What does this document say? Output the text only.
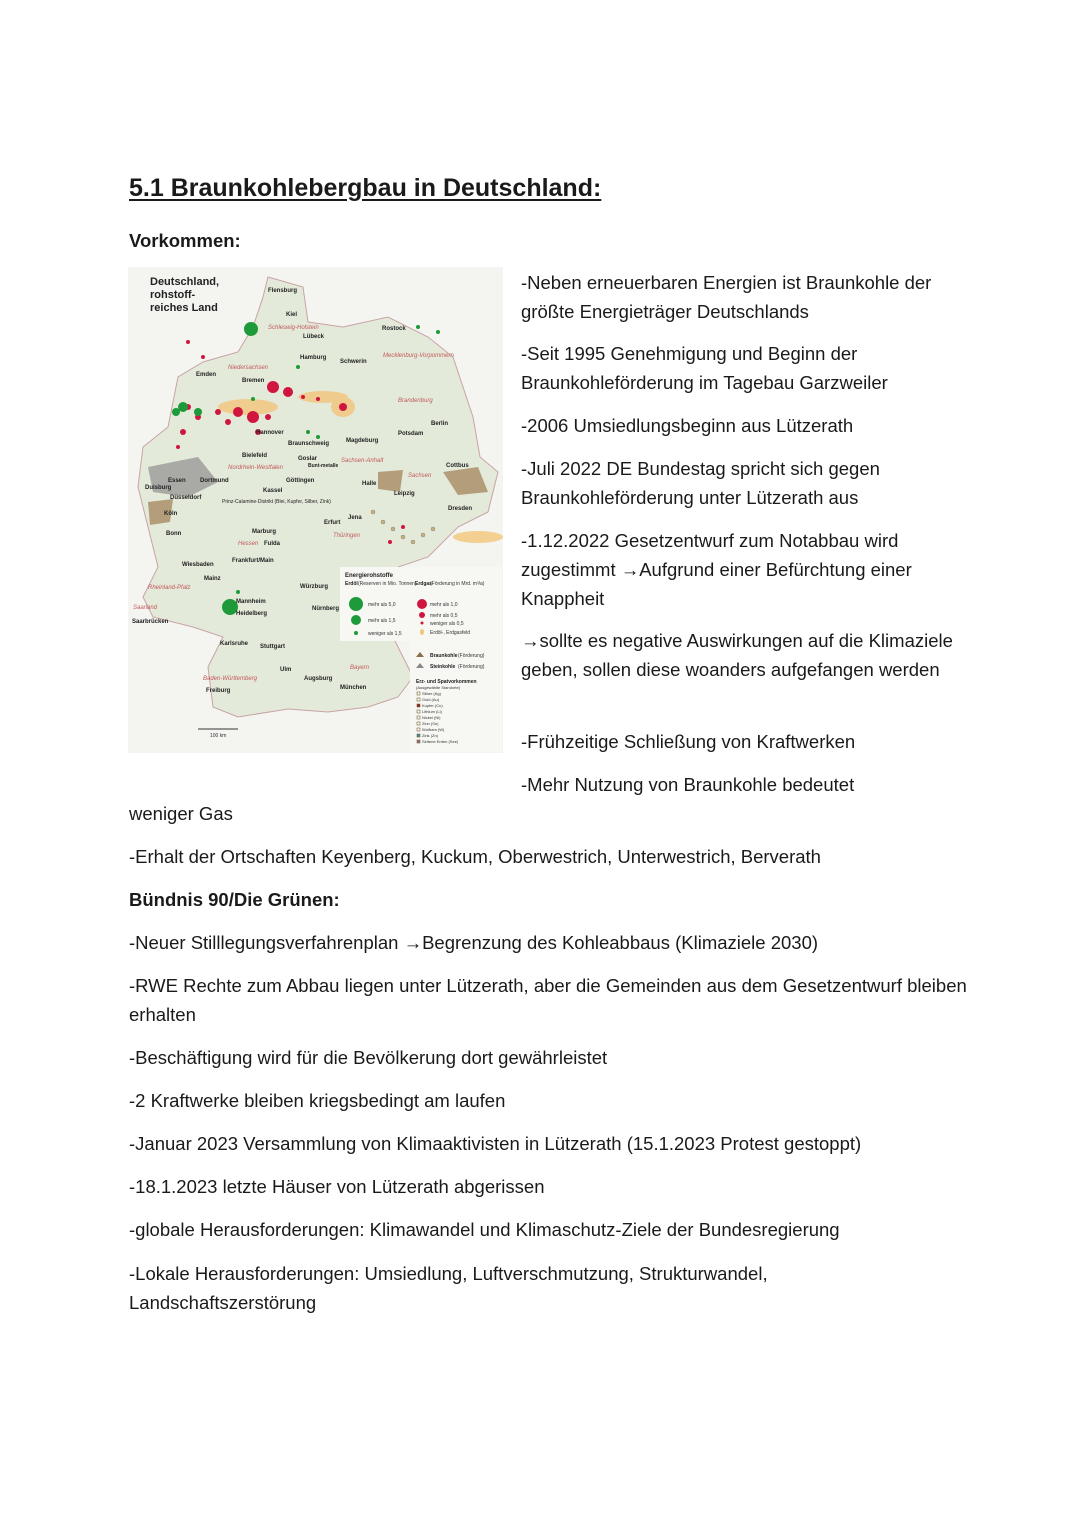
5.1 Braunkohlebergbau in Deutschland:
Vorkommen:
Deutschland,
rohstoff-
reiches Land
Energierohstoffe
Erdöl (Reserven in Mio. Tonnen)
mehr als 5,0
mehr als 1,5
weniger als 1,5
Erdgas
(Förderung in Mrd. m³/a)
mehr als 1,0
mehr als 0,5
weniger als 0,5
Erdöl-, Erdgasfeld
Braunkohle (Förderung)
Steinkohle (Förderung)
Erz- und Spatvorkommen
(Ausgewählte Standorte)
Silber (Ag)
Gold (Au)
Kupfer (Cu)
Lithium (Li)
Nickel (Ni)
Zinn (Sn)
Wolfram (W)
Zink (Zn)
Seltene Erden (See)
Flensburg
Kiel
Lübeck
Rostock
Hamburg
Schwerin
Emden
Bremen
Hannover
Braunschweig	Magdeburg
Berlin
Potsdam
Bielefeld	Goslar
Dortmund
Essen
Duisburg
Düsseldorf
Köln
Bonn
Kassel
Göttingen	Halle
Leipzig
Cottbus
Dresden
Erfurt
Jena
Marburg
Fulda
Wiesbaden
Frankfurt/Main
Mainz
Würzburg
Nürnberg
Mannheim
Heidelberg
Saarbrücken
Karlsruhe Stuttgart
Ulm
Augsburg
München
Freiburg
Schleswig-Holstein
Mecklenburg-Vorpommern
Niedersachsen
Brandenburg
Sachsen-Anhalt
Nordrhein-Westfalen
Sachsen
Thüringen
Hessen
Rheinland-Pfalz
Saarland
Bayern
Baden-Württemberg
Bunt-metalle
Prinz-Calamine-Distrikt (Blei, Kupfer, Silber, Zink)
100 km
-Neben erneuerbaren Energien ist Braunkohle der größte Energieträger Deutschlands
-Seit 1995 Genehmigung und Beginn der Braunkohleförderung im Tagebau Garzweiler
-2006 Umsiedlungsbeginn aus Lützerath
-Juli 2022 DE Bundestag spricht sich gegen Braunkohleförderung unter Lützerath aus
-1.12.2022 Gesetzentwurf zum Notabbau wird zugestimmt →Aufgrund einer Befürchtung einer Knappheit
→sollte es negative Auswirkungen auf die Klimaziele geben, sollen diese woanders aufgefangen werden
-Frühzeitige Schließung von Kraftwerken
-Mehr Nutzung von Braunkohle bedeutet
weniger Gas
-Erhalt der Ortschaften Keyenberg, Kuckum, Oberwestrich, Unterwestrich, Berverath
Bündnis 90/Die Grünen:
-Neuer Stilllegungsverfahrenplan →Begrenzung des Kohleabbaus (Klimaziele 2030)
-RWE Rechte zum Abbau liegen unter Lützerath, aber die Gemeinden aus dem Gesetzentwurf bleiben erhalten
-Beschäftigung wird für die Bevölkerung dort gewährleistet
-2 Kraftwerke bleiben kriegsbedingt am laufen
-Januar 2023 Versammlung von Klimaaktivisten in Lützerath (15.1.2023 Protest gestoppt)
-18.1.2023 letzte Häuser von Lützerath abgerissen
-globale Herausforderungen: Klimawandel und Klimaschutz-Ziele der Bundesregierung
-Lokale Herausforderungen: Umsiedlung, Luftverschmutzung, Strukturwandel, Landschaftszerstörung
